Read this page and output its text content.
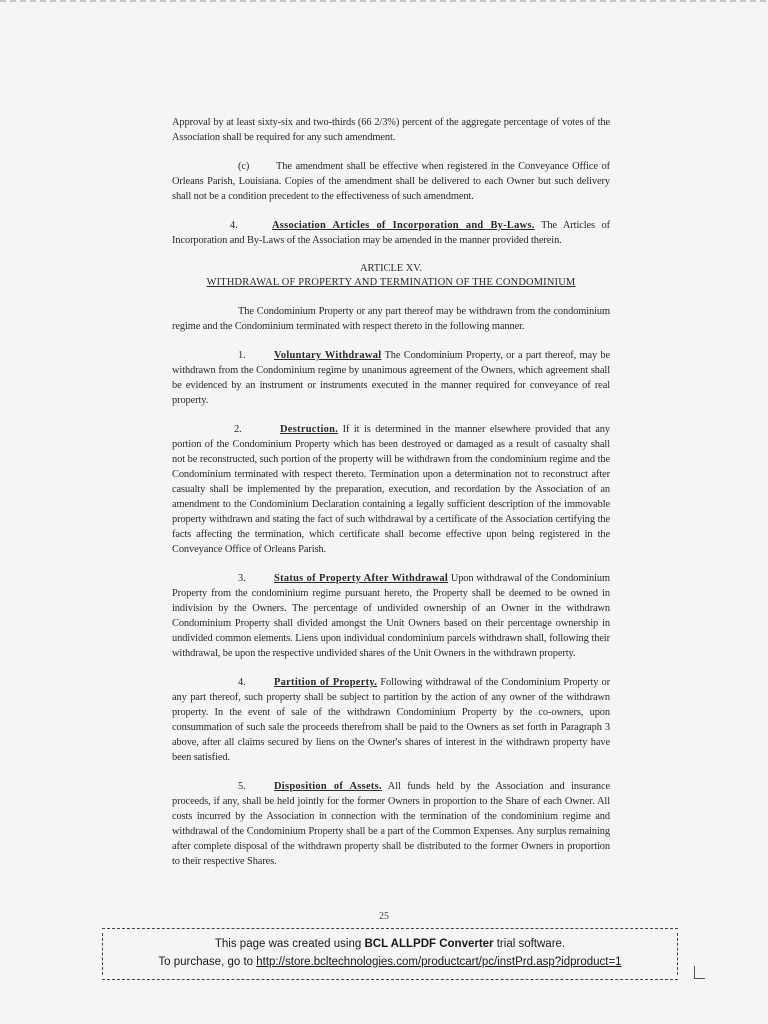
Approval by at least sixty-six and two-thirds (66 2/3%) percent of the aggregate percentage of votes of the Association shall be required for any such amendment.

(c)	The amendment shall be effective when registered in the Conveyance Office of Orleans Parish, Louisiana. Copies of the amendment shall be delivered to each Owner but such delivery shall not be a condition precedent to the effectiveness of such amendment.

4.	Association Articles of Incorporation and By-Laws. The Articles of Incorporation and By-Laws of the Association may be amended in the manner provided therein.

ARTICLE XV.
WITHDRAWAL OF PROPERTY AND TERMINATION OF THE CONDOMINIUM

The Condominium Property or any part thereof may be withdrawn from the condominium regime and the Condominium terminated with respect thereto in the following manner.

1.	Voluntary Withdrawal The Condominium Property, or a part thereof, may be withdrawn from the Condominium regime by unanimous agreement of the Owners, which agreement shall be evidenced by an instrument or instruments executed in the manner required for conveyance of real property.

2.	Destruction. If it is determined in the manner elsewhere provided that any portion of the Condominium Property which has been destroyed or damaged as a result of casualty shall not be reconstructed, such portion of the property will be withdrawn from the condominium regime and the Condominium terminated with respect thereto. Termination upon a determination not to reconstruct after casualty shall be implemented by the preparation, execution, and recordation by the Association of an amendment to the Condominium Declaration containing a legally sufficient description of the immovable property withdrawn and stating the fact of such withdrawal by a certificate of the Association certifying the facts affecting the termination, which certificate shall become effective upon being registered in the Conveyance Office of Orleans Parish.

3.	Status of Property After Withdrawal Upon withdrawal of the Condominium Property from the condominium regime pursuant hereto, the Property shall be deemed to be owned in indivision by the Owners. The percentage of undivided ownership of an Owner in the withdrawn Condominium Property shall divided amongst the Unit Owners based on their percentage ownership in undivided common elements. Liens upon individual condominium parcels withdrawn shall, following their withdrawal, be upon the respective undivided shares of the Unit Owners in the withdrawn property.

4.	Partition of Property. Following withdrawal of the Condominium Property or any part thereof, such property shall be subject to partition by the action of any owner of the withdrawn property. In the event of sale of the withdrawn Condominium Property by the co-owners, upon consummation of such sale the proceeds therefrom shall be paid to the Owners as set forth in Paragraph 3 above, after all claims secured by liens on the Owner's shares of interest in the withdrawn property have been satisfied.

5.	Disposition of Assets. All funds held by the Association and insurance proceeds, if any, shall be held jointly for the former Owners in proportion to the Share of each Owner. All costs incurred by the Association in connection with the termination of the condominium regime and withdrawal of the Condominium Property shall be a part of the Common Expenses. Any surplus remaining after complete disposal of the withdrawn property shall be distributed to the former Owners in proportion to their respective Shares.

25
This page was created using BCL ALLPDF Converter trial software.
To purchase, go to http://store.bcltechnologies.com/productcart/pc/instPrd.asp?idproduct=1
